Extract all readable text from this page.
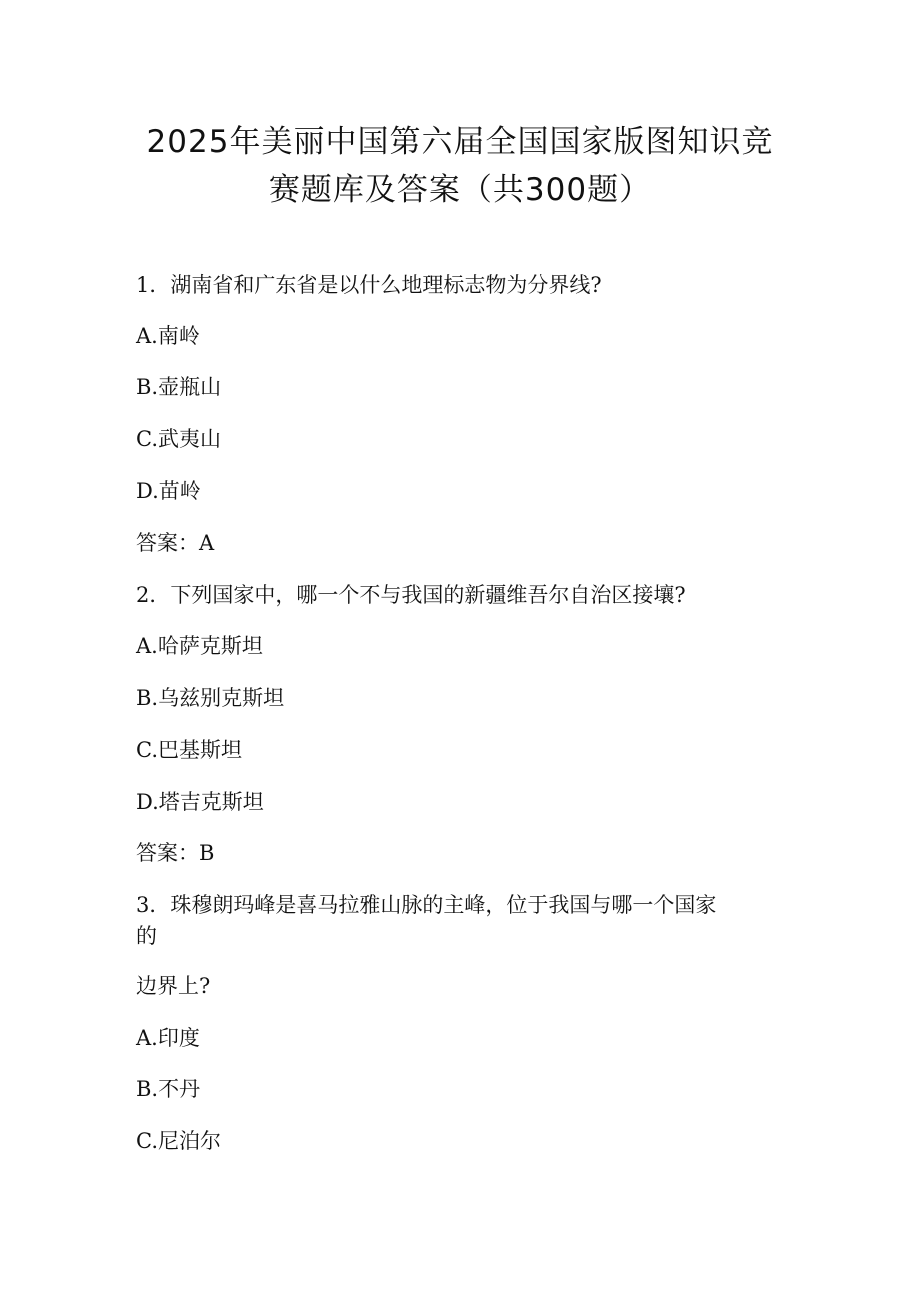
2025年美丽中国第六届全国国家版图知识竞
赛题库及答案（共300题）
1．湖南省和广东省是以什么地理标志物为分界线?
A.南岭
B.壶瓶山
C.武夷山
D.苗岭
答案：A
2．下列国家中，哪一个不与我国的新疆维吾尔自治区接壤?
A.哈萨克斯坦
B.乌兹别克斯坦
C.巴基斯坦
D.塔吉克斯坦
答案：B
3．珠穆朗玛峰是喜马拉雅山脉的主峰，位于我国与哪一个国家
的
边界上?
A.印度
B.不丹
C.尼泊尔
